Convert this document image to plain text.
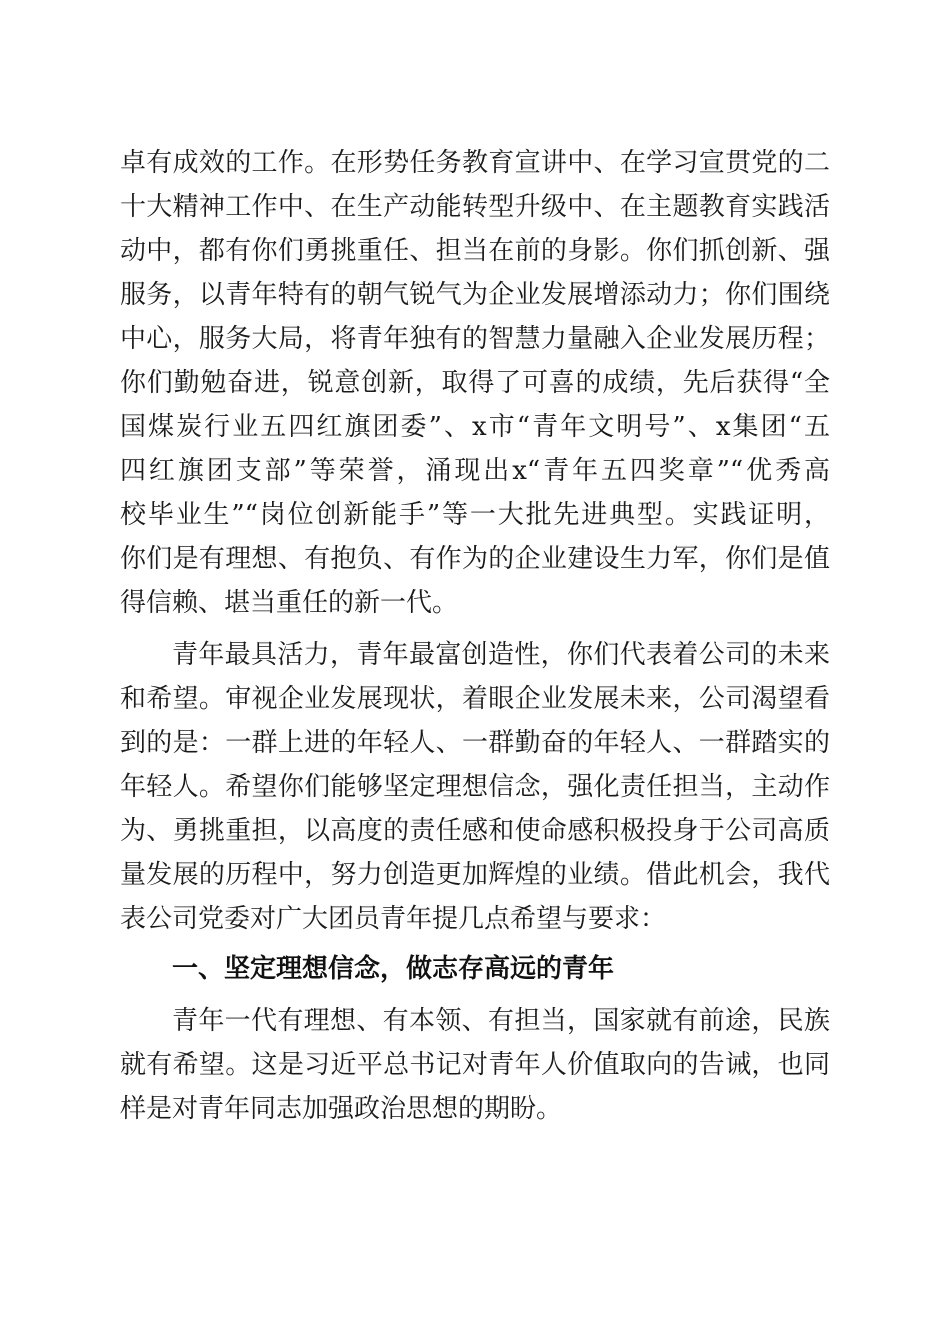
卓有成效的工作。在形势任务教育宣讲中、在学习宣贯党的二
十大精神工作中、在生产动能转型升级中、在主题教育实践活
动中，都有你们勇挑重任、担当在前的身影。你们抓创新、强
服务，以青年特有的朝气锐气为企业发展增添动力；你们围绕
中心，服务大局，将青年独有的智慧力量融入企业发展历程；
你们勤勉奋进，锐意创新，取得了可喜的成绩，先后获得“全
国煤炭行业五四红旗团委”、x市“青年文明号”、x集团“五
四红旗团支部”等荣誉，涌现出x“青年五四奖章”“优秀高
校毕业生”“岗位创新能手”等一大批先进典型。实践证明，
你们是有理想、有抱负、有作为的企业建设生力军，你们是值
得信赖、堪当重任的新一代。
青年最具活力，青年最富创造性，你们代表着公司的未来
和希望。审视企业发展现状，着眼企业发展未来，公司渴望看
到的是：一群上进的年轻人、一群勤奋的年轻人、一群踏实的
年轻人。希望你们能够坚定理想信念，强化责任担当，主动作
为、勇挑重担，以高度的责任感和使命感积极投身于公司高质
量发展的历程中，努力创造更加辉煌的业绩。借此机会，我代
表公司党委对广大团员青年提几点希望与要求：
一、坚定理想信念，做志存高远的青年
青年一代有理想、有本领、有担当，国家就有前途，民族
就有希望。这是习近平总书记对青年人价值取向的告诫，也同
样是对青年同志加强政治思想的期盼。
